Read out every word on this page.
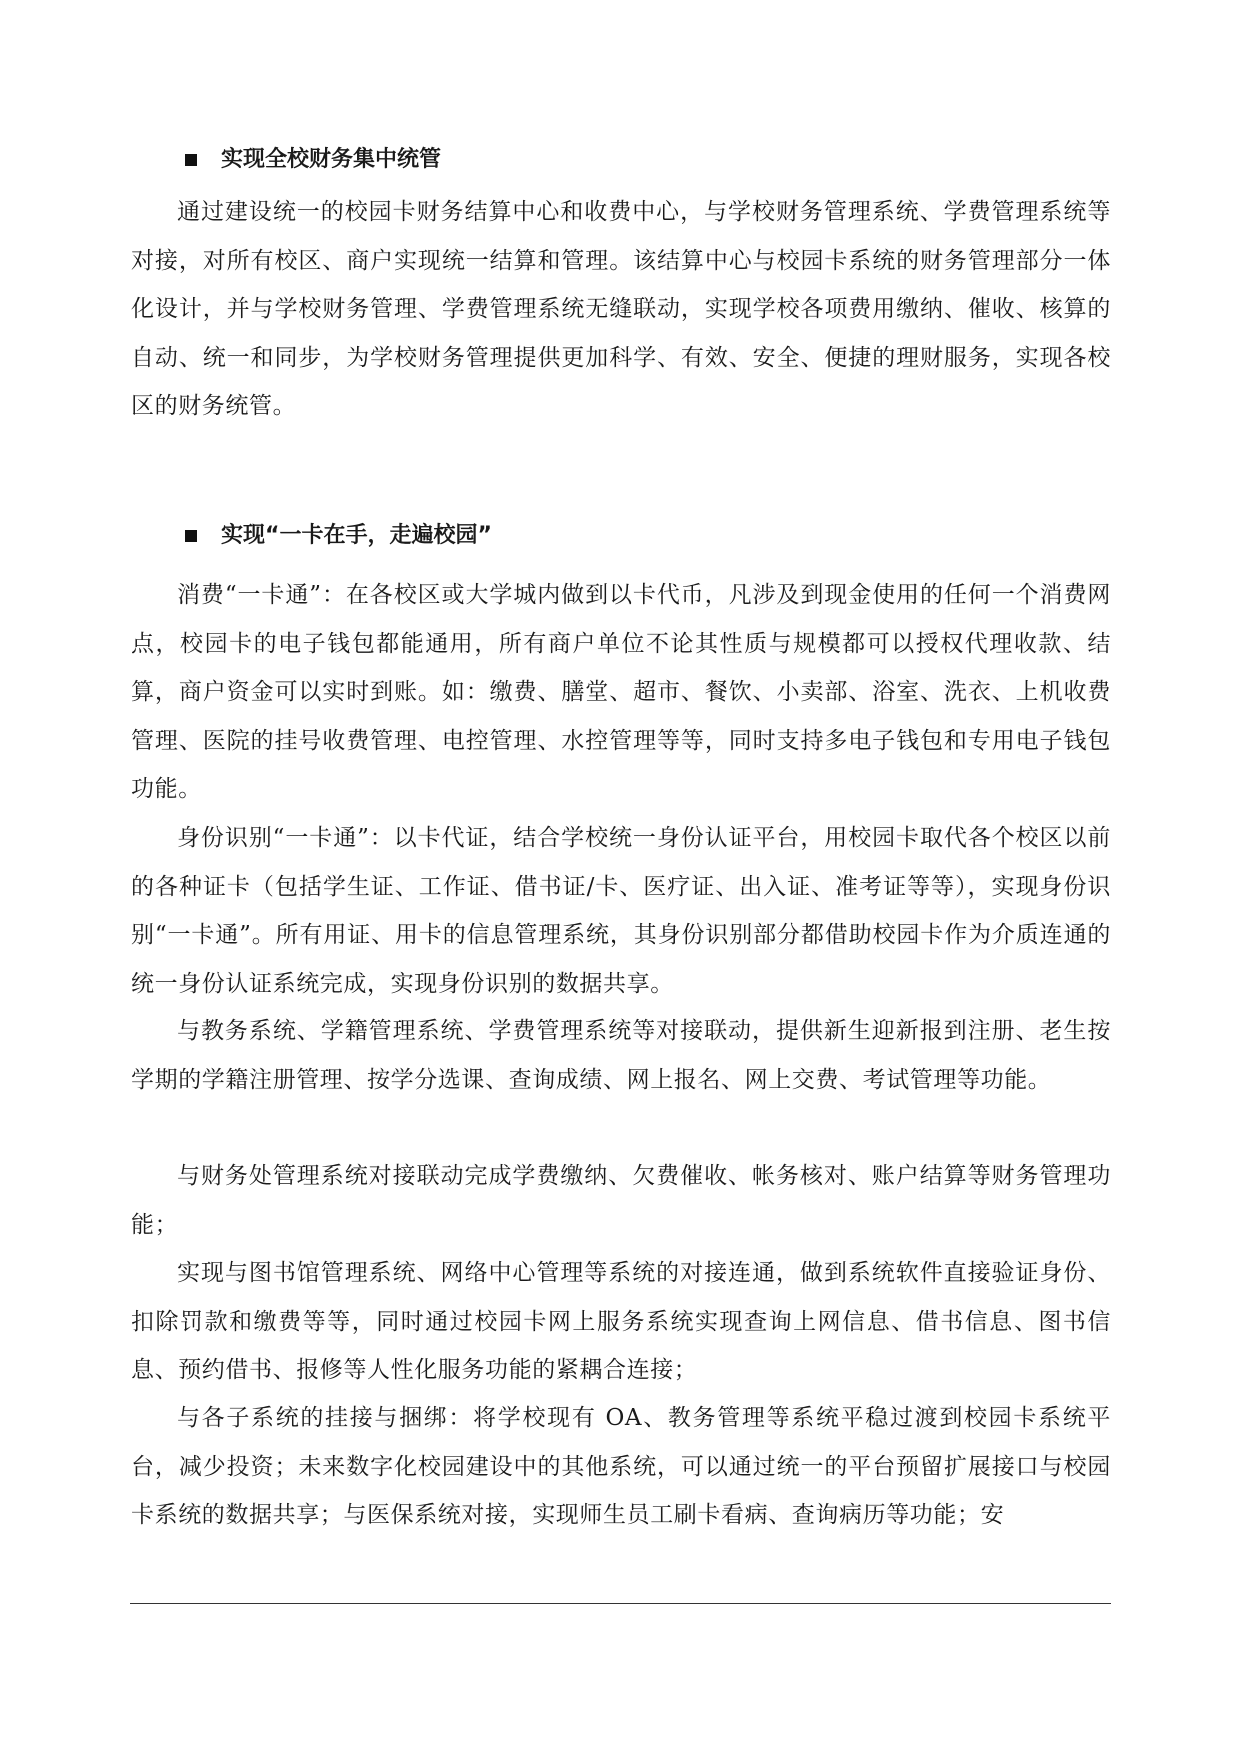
实现全校财务集中统管

通过建设统一的校园卡财务结算中心和收费中心，与学校财务管理系统、学费管理系统等对接，对所有校区、商户实现统一结算和管理。该结算中心与校园卡系统的财务管理部分一体化设计，并与学校财务管理、学费管理系统无缝联动，实现学校各项费用缴纳、催收、核算的自动、统一和同步，为学校财务管理提供更加科学、有效、安全、便捷的理财服务，实现各校区的财务统管。

实现“一卡在手，走遍校园”

消费“一卡通”：在各校区或大学城内做到以卡代币，凡涉及到现金使用的任何一个消费网点，校园卡的电子钱包都能通用，所有商户单位不论其性质与规模都可以授权代理收款、结算，商户资金可以实时到账。如：缴费、膳堂、超市、餐饮、小卖部、浴室、洗衣、上机收费管理、医院的挂号收费管理、电控管理、水控管理等等，同时支持多电子钱包和专用电子钱包功能。

身份识别“一卡通”：以卡代证，结合学校统一身份认证平台，用校园卡取代各个校区以前的各种证卡（包括学生证、工作证、借书证/卡、医疗证、出入证、准考证等等），实现身份识别“一卡通”。所有用证、用卡的信息管理系统，其身份识别部分都借助校园卡作为介质连通的统一身份认证系统完成，实现身份识别的数据共享。

与教务系统、学籍管理系统、学费管理系统等对接联动，提供新生迎新报到注册、老生按学期的学籍注册管理、按学分选课、查询成绩、网上报名、网上交费、考试管理等功能。

与财务处管理系统对接联动完成学费缴纳、欠费催收、帐务核对、账户结算等财务管理功能；

实现与图书馆管理系统、网络中心管理等系统的对接连通，做到系统软件直接验证身份、扣除罚款和缴费等等，同时通过校园卡网上服务系统实现查询上网信息、借书信息、图书信息、预约借书、报修等人性化服务功能的紧耦合连接；

与各子系统的挂接与捆绑：将学校现有 OA、教务管理等系统平稳过渡到校园卡系统平台，减少投资；未来数字化校园建设中的其他系统，可以通过统一的平台预留扩展接口与校园卡系统的数据共享；与医保系统对接，实现师生员工刷卡看病、查询病历等功能；安
